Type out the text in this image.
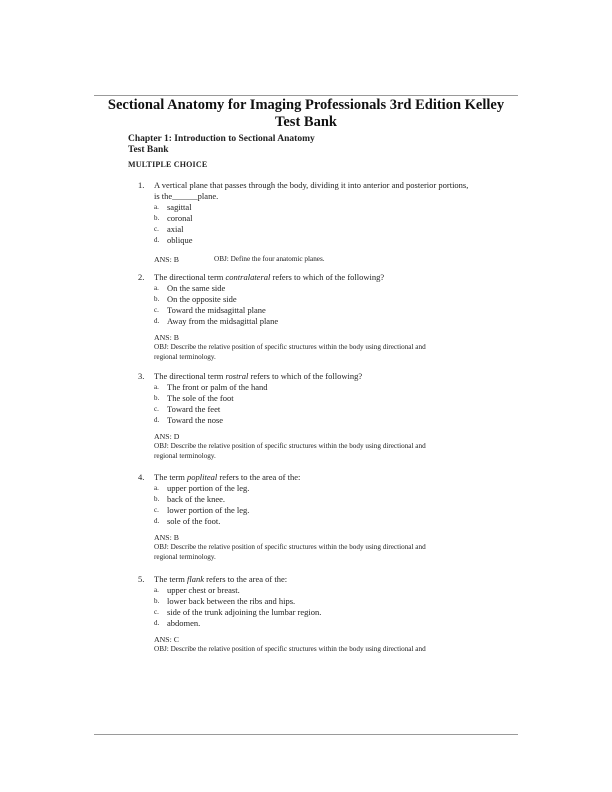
Sectional Anatomy for Imaging Professionals 3rd Edition Kelley
Test Bank
Chapter 1: Introduction to Sectional Anatomy
Test Bank
MULTIPLE CHOICE
1. A vertical plane that passes through the body, dividing it into anterior and posterior portions,
is the______plane.
a. sagittal
b. coronal
c. axial
d. oblique
ANS: B	OBJ: Define the four anatomic planes.
2. The directional term contralateral refers to which of the following?
a. On the same side
b. On the opposite side
c. Toward the midsagittal plane
d. Away from the midsagittal plane
ANS: B
OBJ: Describe the relative position of specific structures within the body using directional and
regional terminology.
3. The directional term rostral refers to which of the following?
a. The front or palm of the hand
b. The sole of the foot
c. Toward the feet
d. Toward the nose
ANS: D
OBJ: Describe the relative position of specific structures within the body using directional and
regional terminology.
4. The term popliteal refers to the area of the:
a. upper portion of the leg.
b. back of the knee.
c. lower portion of the leg.
d. sole of the foot.
ANS: B
OBJ: Describe the relative position of specific structures within the body using directional and
regional terminology.
5. The term flank refers to the area of the:
a. upper chest or breast.
b. lower back between the ribs and hips.
c. side of the trunk adjoining the lumbar region.
d. abdomen.
ANS: C
OBJ: Describe the relative position of specific structures within the body using directional and
